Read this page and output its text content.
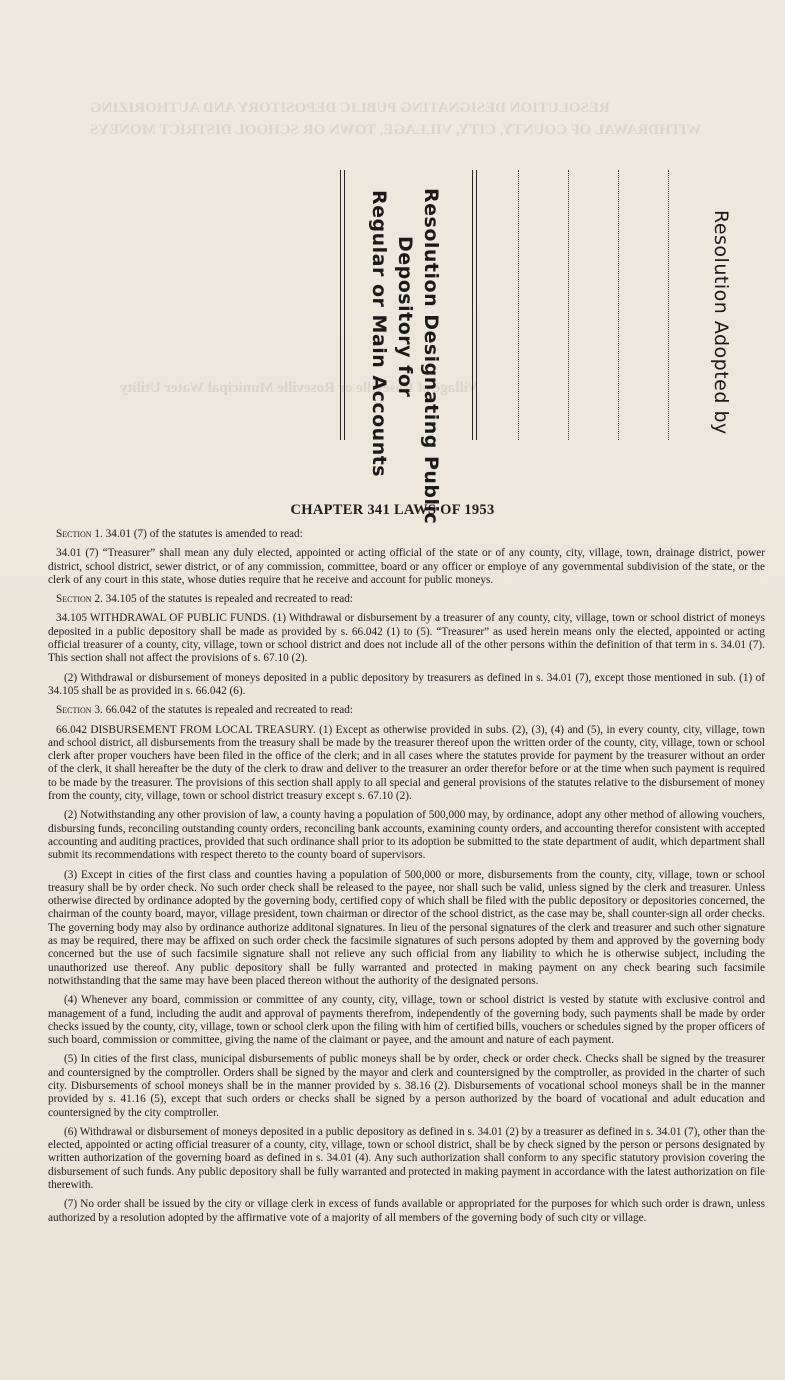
RESOLUTION DESIGNATING PUBLIC DEPOSITORY AND AUTHORIZING
WITHDRAWAL OF COUNTY, CITY, VILLAGE, TOWN OR SCHOOL DISTRICT MONEYS
Village of Roseville or Roseville Municipal Water Utility
Resolution Designating Public
Depository for
Regular or Main Accounts	Resolution Adopted by
CHAPTER 341 LAWS OF 1953

Section 1. 34.01 (7) of the statutes is amended to read:

34.01 (7) “Treasurer” shall mean any duly elected, appointed or acting official of the state or of any county, city, village, town, drainage district, power district, school district, sewer district, or of any commission, committee, board or any officer or employe of any governmental subdivision of the state, or the clerk of any court in this state, whose duties require that he receive and account for public moneys.

Section 2. 34.105 of the statutes is repealed and recreated to read:

34.105 WITHDRAWAL OF PUBLIC FUNDS. (1) Withdrawal or disbursement by a treasurer of any county, city, village, town or school district of moneys deposited in a public depository shall be made as provided by s. 66.042 (1) to (5). “Treasurer” as used herein means only the elected, appointed or acting official treasurer of a county, city, village, town or school district and does not include all of the other persons within the definition of that term in s. 34.01 (7). This section shall not affect the provisions of s. 67.10 (2).

(2) Withdrawal or disbursement of moneys deposited in a public depository by treasurers as defined in s. 34.01 (7), except those mentioned in sub. (1) of 34.105 shall be as provided in s. 66.042 (6).

Section 3. 66.042 of the statutes is repealed and recreated to read:

66.042 DISBURSEMENT FROM LOCAL TREASURY. (1) Except as otherwise provided in subs. (2), (3), (4) and (5), in every county, city, village, town and school district, all disbursements from the treasury shall be made by the treasurer thereof upon the written order of the county, city, village, town or school clerk after proper vouchers have been filed in the office of the clerk; and in all cases where the statutes provide for payment by the treasurer without an order of the clerk, it shall hereafter be the duty of the clerk to draw and deliver to the treasurer an order therefor before or at the time when such payment is required to be made by the treasurer. The provisions of this section shall apply to all special and general provisions of the statutes relative to the disbursement of money from the county, city, village, town or school district treasury except s. 67.10 (2).

(2) Notwithstanding any other provision of law, a county having a population of 500,000 may, by ordinance, adopt any other method of allowing vouchers, disbursing funds, reconciling outstanding county orders, reconciling bank accounts, examining county orders, and accounting therefor consistent with accepted accounting and auditing practices, provided that such ordinance shall prior to its adoption be submitted to the state department of audit, which department shall submit its recommendations with respect thereto to the county board of supervisors.

(3) Except in cities of the first class and counties having a population of 500,000 or more, disbursements from the county, city, village, town or school treasury shall be by order check. No such order check shall be released to the payee, nor shall such be valid, unless signed by the clerk and treasurer. Unless otherwise directed by ordinance adopted by the governing body, certified copy of which shall be filed with the public depository or depositories concerned, the chairman of the county board, mayor, village president, town chairman or director of the school district, as the case may be, shall counter-sign all order checks. The governing body may also by ordinance authorize additonal signatures. In lieu of the personal signatures of the clerk and treasurer and such other signature as may be required, there may be affixed on such order check the facsimile signatures of such persons adopted by them and approved by the governing body concerned but the use of such facsimile signature shall not relieve any such official from any liability to which he is otherwise subject, including the unauthorized use thereof. Any public depository shall be fully warranted and protected in making payment on any check bearing such facsimile notwithstanding that the same may have been placed thereon without the authority of the designated persons.

(4) Whenever any board, commission or committee of any county, city, village, town or school district is vested by statute with exclusive control and management of a fund, including the audit and approval of payments therefrom, independently of the governing body, such payments shall be made by order checks issued by the county, city, village, town or school clerk upon the filing with him of certified bills, vouchers or schedules signed by the proper officers of such board, commission or committee, giving the name of the claimant or payee, and the amount and nature of each payment.

(5) In cities of the first class, municipal disbursements of public moneys shall be by order, check or order check. Checks shall be signed by the treasurer and countersigned by the comptroller. Orders shall be signed by the mayor and clerk and countersigned by the comptroller, as provided in the charter of such city. Disbursements of school moneys shall be in the manner provided by s. 38.16 (2). Disbursements of vocational school moneys shall be in the manner provided by s. 41.16 (5), except that such orders or checks shall be signed by a person authorized by the board of vocational and adult education and countersigned by the city comptroller.

(6) Withdrawal or disbursement of moneys deposited in a public depository as defined in s. 34.01 (2) by a treasurer as defined in s. 34.01 (7), other than the elected, appointed or acting official treasurer of a county, city, village, town or school district, shall be by check signed by the person or persons designated by written authorization of the governing board as defined in s. 34.01 (4). Any such authorization shall conform to any specific statutory provision covering the disbursement of such funds. Any public depository shall be fully warranted and protected in making payment in accordance with the latest authorization on file therewith.

(7) No order shall be issued by the city or village clerk in excess of funds available or appropriated for the purposes for which such order is drawn, unless authorized by a resolution adopted by the affirmative vote of a majority of all members of the governing body of such city or village.
